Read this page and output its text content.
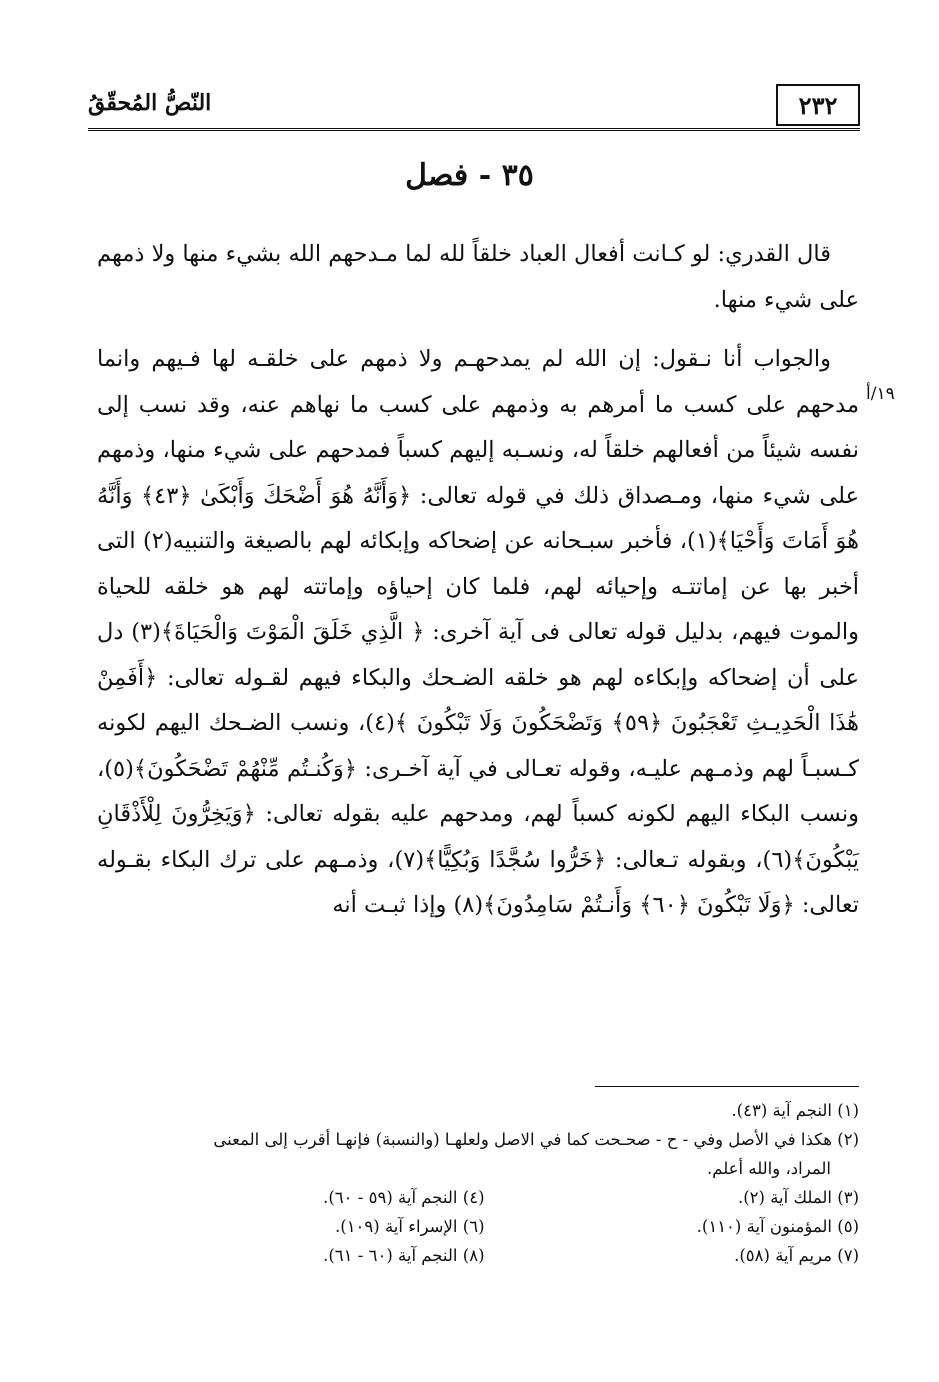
٢٣٢
النّصُّ المُحقّقُ
٣٥ - فصل
١٩/أ

قال القدري: لو كـانت أفعال العباد خلقاً لله لما مـدحهم الله بشيء منها ولا ذمهم على شيء منها.

والجواب أنا نـقول: إن الله لم يمدحهـم ولا ذمهم على خلقـه لها فـيهم وانما مدحهم على كسب ما أمرهم به وذمهم على كسب ما نهاهم عنه، وقد نسب إلى نفسه شيئاً من أفعالهم خلقاً له، ونسـبه إليهم كسباً فمدحهم على شيء منها، وذمهم على شيء منها، ومـصداق ذلك في قوله تعالى: ﴿وَأَنَّهُ هُوَ أَضْحَكَ وَأَبْكَىٰ ﴿٤٣﴾ وَأَنَّهُ هُوَ أَمَاتَ وَأَحْيَا﴾(١)، فأخبر سبـحانه عن إضحاكه وإبكائه لهم بالصيغة والتنبيه(٢) التى أخبر بها عن إماتتـه وإحيائه لهم، فلما كان إحياؤه وإماتته لهم هو خلقه للحياة والموت فيهم، بدليل قوله تعالى فى آية آخرى: ﴿ الَّذِي خَلَقَ الْمَوْتَ وَالْحَيَاةَ﴾(٣) دل على أن إضحاكه وإبكاءه لهم هو خلقه الضـحك والبكاء فيهم لقـوله تعالى: ﴿أَفَمِنْ هَٰذَا الْحَدِيـثِ تَعْجَبُونَ ﴿٥٩﴾ وَتَضْحَكُونَ وَلَا تَبْكُونَ ﴾(٤)، ونسب الضـحك اليهم لكونه كـسبـاً لهم وذمـهم عليـه، وقوله تعـالى في آية آخـرى: ﴿وَكُنـتُم مِّنْهُمْ تَضْحَكُونَ﴾(٥)، ونسب البكاء اليهم لكونه كسباً لهم، ومدحهم عليه بقوله تعالى: ﴿وَيَخِرُّونَ لِلْأَذْقَانِ يَبْكُونَ﴾(٦)، وبقوله تـعالى: ﴿خَرُّوا سُجَّدًا وَبُكِيًّا﴾(٧)، وذمـهم على ترك البكاء بقـوله تعالى: ﴿وَلَا تَبْكُونَ ﴿٦٠﴾ وَأَنـتُمْ سَامِدُونَ﴾(٨) وإذا ثبـت أنه

(١) النجم آية (٤٣).
(٢) هكذا في الأصل وفي - ح - صحـحت كما في الاصل ولعلهـا (والنسبة) فإنهـا أقرب إلى المعنى
المراد، والله أعلم.
(٣) الملك آية (٢).
(٤) النجم آية (٥٩ - ٦٠).
(٥) المؤمنون آية (١١٠).
(٦) الإسراء آية (١٠٩).
(٧) مريم آية (٥٨).
(٨) النجم آية (٦٠ - ٦١).
